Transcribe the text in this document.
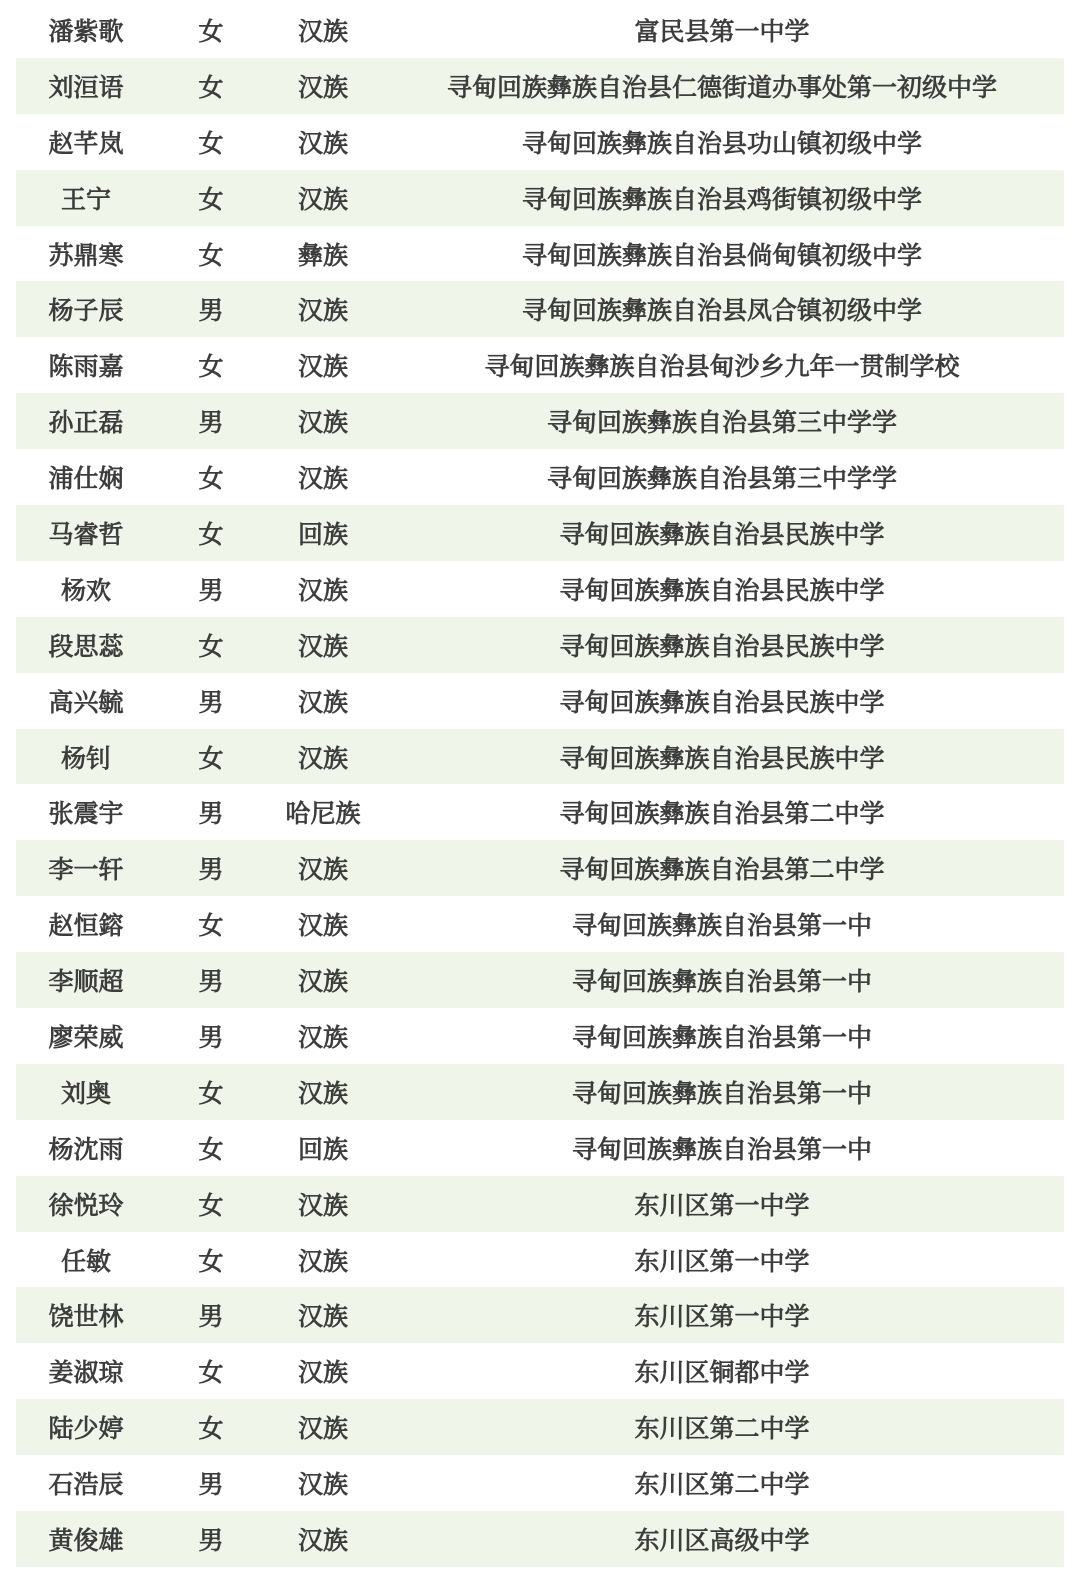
潘紫歌	女	汉族	富民县第一中学
刘洹语	女	汉族	寻甸回族彝族自治县仁德街道办事处第一初级中学
赵芊岚	女	汉族	寻甸回族彝族自治县功山镇初级中学
王宁	女	汉族	寻甸回族彝族自治县鸡街镇初级中学
苏鼎寒	女	彝族	寻甸回族彝族自治县倘甸镇初级中学
杨子辰	男	汉族	寻甸回族彝族自治县凤合镇初级中学
陈雨嘉	女	汉族	寻甸回族彝族自治县甸沙乡九年一贯制学校
孙正磊	男	汉族	寻甸回族彝族自治县第三中学学
浦仕娴	女	汉族	寻甸回族彝族自治县第三中学学
马睿哲	女	回族	寻甸回族彝族自治县民族中学
杨欢	男	汉族	寻甸回族彝族自治县民族中学
段思蕊	女	汉族	寻甸回族彝族自治县民族中学
高兴毓	男	汉族	寻甸回族彝族自治县民族中学
杨钊	女	汉族	寻甸回族彝族自治县民族中学
张震宇	男	哈尼族	寻甸回族彝族自治县第二中学
李一轩	男	汉族	寻甸回族彝族自治县第二中学
赵恒鎔	女	汉族	寻甸回族彝族自治县第一中
李顺超	男	汉族	寻甸回族彝族自治县第一中
廖荣威	男	汉族	寻甸回族彝族自治县第一中
刘奥	女	汉族	寻甸回族彝族自治县第一中
杨沈雨	女	回族	寻甸回族彝族自治县第一中
徐悦玲	女	汉族	东川区第一中学
任敏	女	汉族	东川区第一中学
饶世林	男	汉族	东川区第一中学
姜淑琼	女	汉族	东川区铜都中学
陆少婷	女	汉族	东川区第二中学
石浩辰	男	汉族	东川区第二中学
黄俊雄	男	汉族	东川区高级中学
